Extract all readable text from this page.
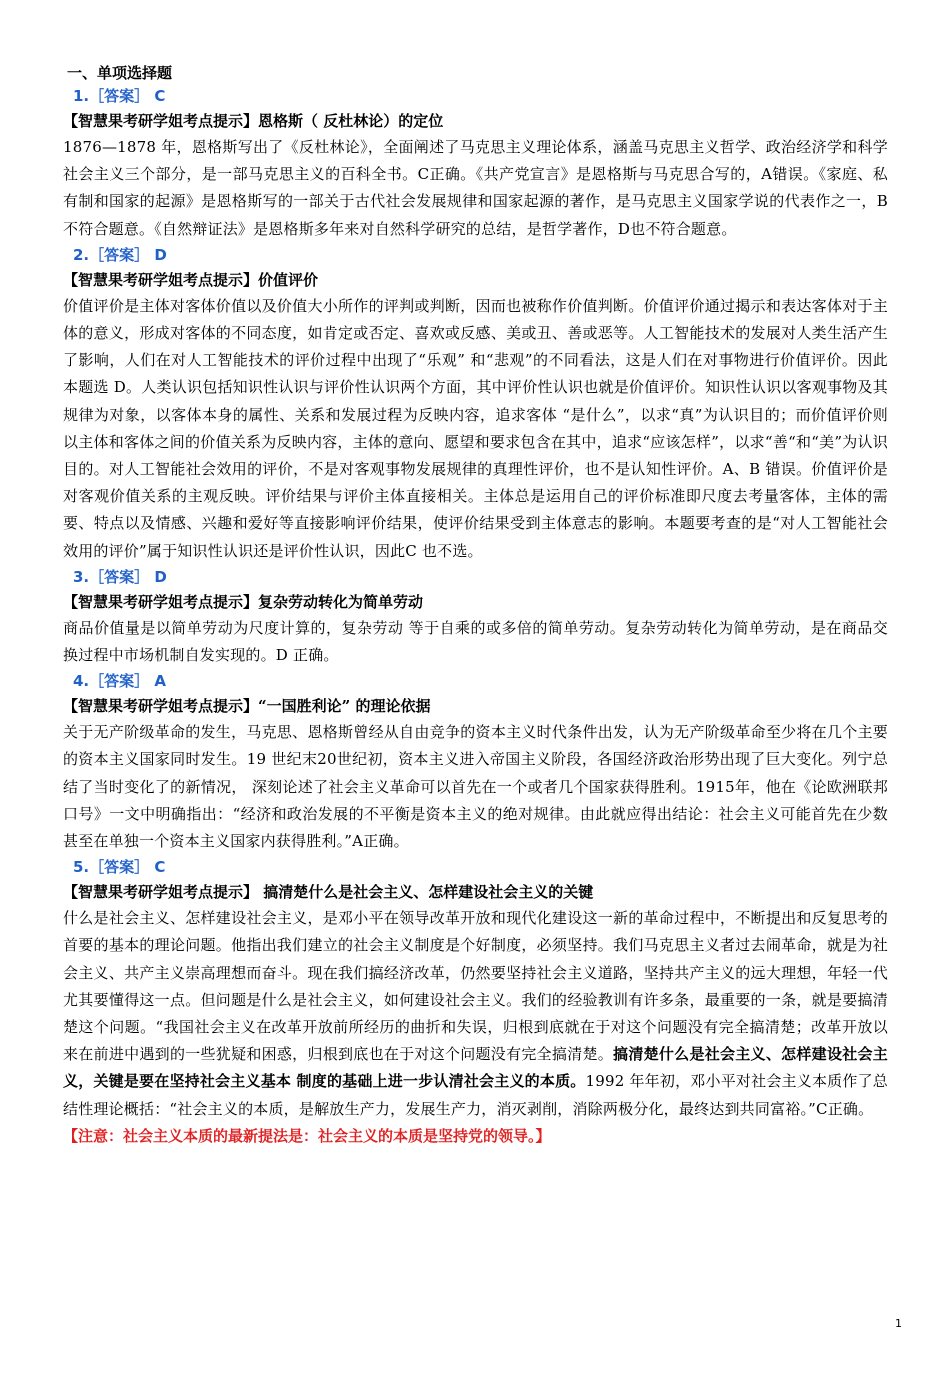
一、单项选择题
1.［答案］ C
【智慧果考研学姐考点提示】恩格斯（ 反杜林论）的定位
1876—1878 年，恩格斯写出了《反杜林论》，全面阐述了马克思主义理论体系，涵盖马克思主义哲学、政治经济学和科学社会主义三个部分，是一部马克思主义的百科全书。C正确。《共产党宣言》是恩格斯与马克思合写的，A错误。《家庭、私有制和国家的起源》是恩格斯写的一部关于古代社会发展规律和国家起源的著作，是马克思主义国家学说的代表作之一，B不符合题意。《自然辩证法》是恩格斯多年来对自然科学研究的总结，是哲学著作，D也不符合题意。
2.［答案］ D
【智慧果考研学姐考点提示】价值评价
价值评价是主体对客体价值以及价值大小所作的评判或判断，因而也被称作价值判断。价值评价通过揭示和表达客体对于主体的意义，形成对客体的不同态度，如肯定或否定、喜欢或反感、美或丑、善或恶等。人工智能技术的发展对人类生活产生了影响，人们在对人工智能技术的评价过程中出现了“乐观” 和“悲观”的不同看法，这是人们在对事物进行价值评价。因此本题选 D。人类认识包括知识性认识与评价性认识两个方面，其中评价性认识也就是价值评价。知识性认识以客观事物及其规律为对象，以客体本身的属性、关系和发展过程为反映内容，追求客体 “是什么”，以求“真”为认识目的；而价值评价则以主体和客体之间的价值关系为反映内容，主体的意向、愿望和要求包含在其中，追求“应该怎样”，以求“善“和“美”为认识目的。对人工智能社会效用的评价，不是对客观事物发展规律的真理性评价，也不是认知性评价。A、B 错误。价值评价是对客观价值关系的主观反映。评价结果与评价主体直接相关。主体总是运用自己的评价标准即尺度去考量客体，主体的需要、特点以及情感、兴趣和爱好等直接影响评价结果，使评价结果受到主体意志的影响。本题要考查的是“对人工智能社会效用的评价”属于知识性认识还是评价性认识，因此C 也不选。
3.［答案］ D
【智慧果考研学姐考点提示】复杂劳动转化为简单劳动
商品价值量是以简单劳动为尺度计算的，复杂劳动 等于自乘的或多倍的简单劳动。复杂劳动转化为简单劳动，是在商品交换过程中市场机制自发实现的。D 正确。
4.［答案］ A
【智慧果考研学姐考点提示】“一国胜利论” 的理论依据
关于无产阶级革命的发生，马克思、恩格斯曾经从自由竞争的资本主义时代条件出发，认为无产阶级革命至少将在几个主要的资本主义国家同时发生。19 世纪末20世纪初，资本主义进入帝国主义阶段，各国经济政治形势出现了巨大变化。列宁总结了当时变化了的新情况， 深刻论述了社会主义革命可以首先在一个或者几个国家获得胜利。1915年，他在《论欧洲联邦口号》一文中明确指出：“经济和政治发展的不平衡是资本主义的绝对规律。由此就应得出结论：社会主义可能首先在少数甚至在单独一个资本主义国家内获得胜利。”A正确。
5.［答案］ C
【智慧果考研学姐考点提示】 搞清楚什么是社会主义、怎样建设社会主义的关键
什么是社会主义、怎样建设社会主义，是邓小平在领导改革开放和现代化建设这一新的革命过程中，不断提出和反复思考的首要的基本的理论问题。他指出我们建立的社会主义制度是个好制度，必须坚持。我们马克思主义者过去闹革命，就是为社会主义、共产主义崇高理想而奋斗。现在我们搞经济改革，仍然要坚持社会主义道路，坚持共产主义的远大理想，年轻一代尤其要懂得这一点。但问题是什么是社会主义，如何建设社会主义。我们的经验教训有许多条，最重要的一条，就是要搞清楚这个问题。“我国社会主义在改革开放前所经历的曲折和失误，归根到底就在于对这个问题没有完全搞清楚；改革开放以来在前进中遇到的一些犹疑和困惑，归根到底也在于对这个问题没有完全搞清楚。搞清楚什么是社会主义、怎样建设社会主义，关键是要在坚持社会主义基本 制度的基础上进一步认清社会主义的本质。1992 年年初，邓小平对社会主义本质作了总结性理论概括：“社会主义的本质，是解放生产力，发展生产力，消灭剥削，消除两极分化，最终达到共同富裕。”C正确。
【注意：社会主义本质的最新提法是：社会主义的本质是坚持党的领导。】
1
